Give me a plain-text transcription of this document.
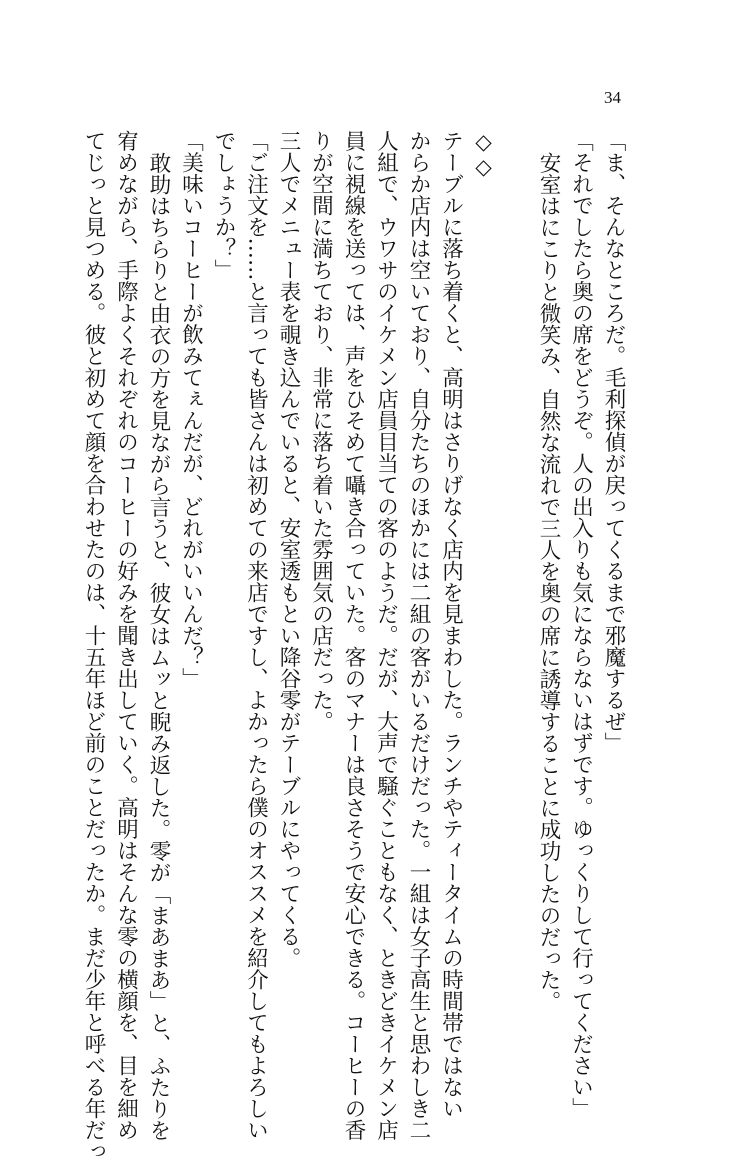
34
「ま、そんなところだ。毛利探偵が戻ってくるまで邪魔するぜ」
「それでしたら奥の席をどうぞ。人の出入りも気にならないはずです。ゆっくりして行ってください」
安室はにこりと微笑み、自然な流れで三人を奥の席に誘導することに成功したのだった。

◇◇
テーブルに落ち着くと、高明はさりげなく店内を見まわした。ランチやティータイムの時間帯ではない
からか店内は空いており、自分たちのほかには二組の客がいるだけだった。一組は女子高生と思わしき二
人組で、ウワサのイケメン店員目当ての客のようだ。だが、大声で騒ぐこともなく、ときどきイケメン店
員に視線を送っては、声をひそめて囁き合っていた。客のマナーは良さそうで安心できる。コーヒーの香
りが空間に満ちており、非常に落ち着いた雰囲気の店だった。
三人でメニュー表を覗き込んでいると、安室透もとい降谷零がテーブルにやってくる。
「ご注文を……と言っても皆さんは初めての来店ですし、よかったら僕のオススメを紹介してもよろしい
でしょうか？」
「美味いコーヒーが飲みてぇんだが、どれがいいんだ？」
敢助はちらりと由衣の方を見ながら言うと、彼女はムッと睨み返した。零が「まあまあ」と、ふたりを
宥めながら、手際よくそれぞれのコーヒーの好みを聞き出していく。高明はそんな零の横顔を、目を細め
てじっと見つめる。彼と初めて顔を合わせたのは、十五年ほど前のことだったか。まだ少年と呼べる年だっ
